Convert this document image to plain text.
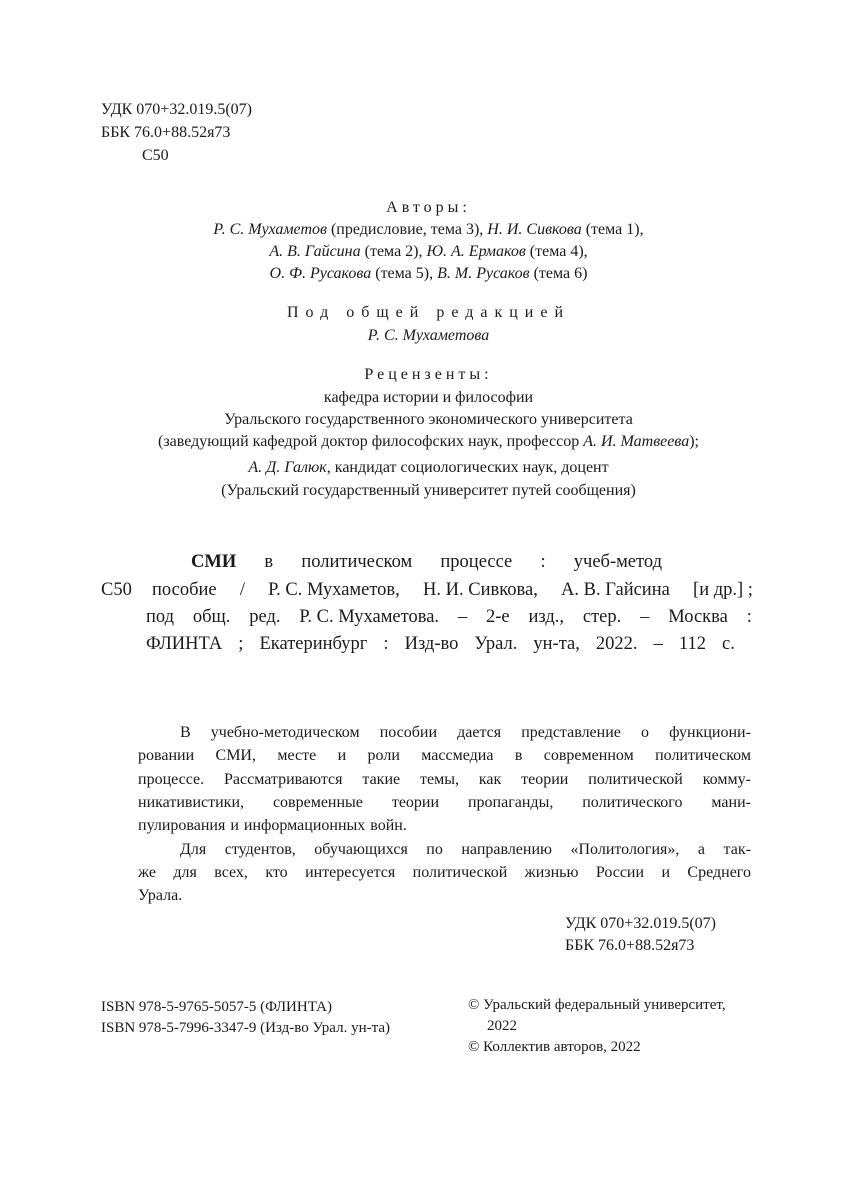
УДК 070+32.019.5(07)
ББК 76.0+88.52я73
С50
Авторы:
Р. С. Мухаметов (предисловие, тема 3), Н. И. Сивкова (тема 1),
А. В. Гайсина (тема 2), Ю. А. Ермаков (тема 4),
О. Ф. Русакова (тема 5), В. М. Русаков (тема 6)
Под общей редакцией
Р. С. Мухаметова
Рецензенты:
кафедра истории и философии
Уральского государственного экономического университета
(заведующий кафедрой доктор философских наук, профессор А. И. Матвеева);
А. Д. Галюк, кандидат социологических наук, доцент
(Уральский государственный университет путей сообщения)
С50
СМИ в политическом процессе : учеб-метод
пособие / Р. С. Мухаметов, Н. И. Сивкова, А. В. Гайсина [и др.] ;
под общ. ред. Р. С. Мухаметова. – 2-е изд., стер. – Москва :
ФЛИНТА ; Екатеринбург : Изд-во Урал. ун-та, 2022. – 112 с.
В учебно-методическом пособии дается представление о функциони-
ровании СМИ, месте и роли массмедиа в современном политическом
процессе. Рассматриваются такие темы, как теории политической комму-
никативистики, современные теории пропаганды, политического мани-
пулирования и информационных войн.
Для студентов, обучающихся по направлению «Политология», а так-
же для всех, кто интересуется политической жизнью России и Среднего
Урала.
УДК 070+32.019.5(07)
ББК 76.0+88.52я73
ISBN 978-5-9765-5057-5 (ФЛИНТА)
ISBN 978-5-7996-3347-9 (Изд-во Урал. ун-та)
© Уральский федеральный университет,
2022
© Коллектив авторов, 2022
